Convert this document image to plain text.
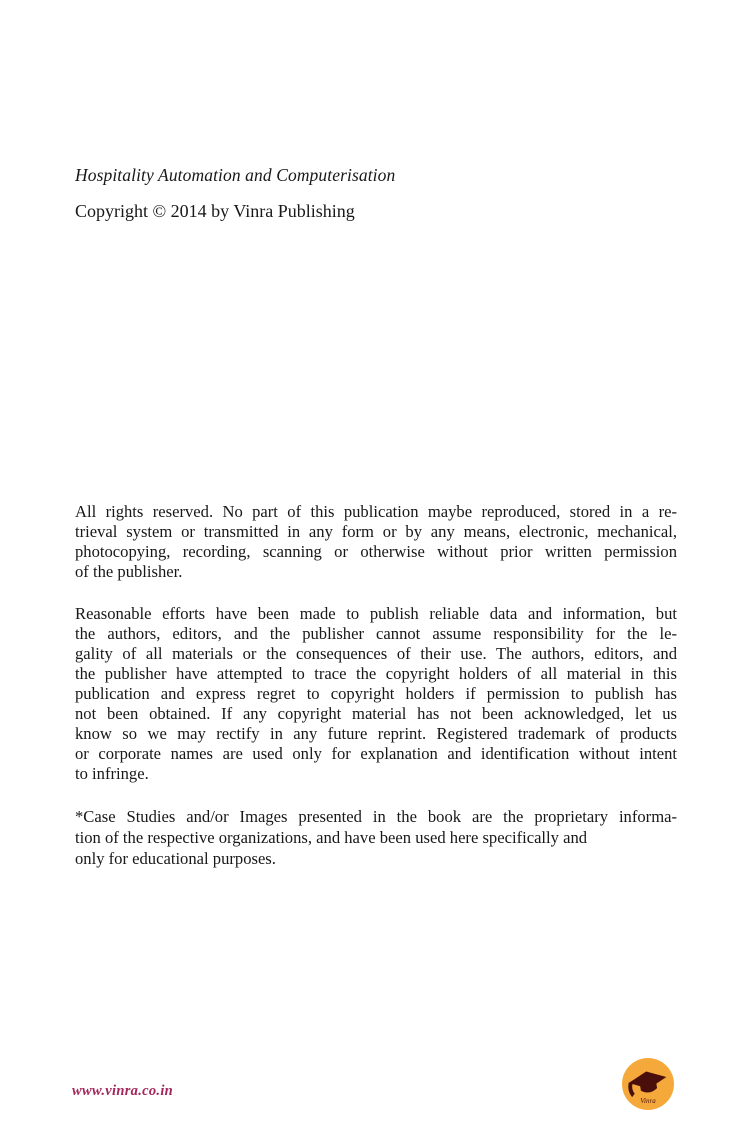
Hospitality Automation and Computerisation
Copyright © 2014 by Vinra Publishing
All rights reserved. No part of this publication maybe reproduced, stored in a re-
trieval system or transmitted in any form or by any means, electronic, mechanical,
photocopying, recording, scanning or otherwise without prior written permission
of the publisher.
Reasonable efforts have been made to publish reliable data and information, but
the authors, editors, and the publisher cannot assume responsibility for the le-
gality of all materials or the consequences of their use. The authors, editors, and
the publisher have attempted to trace the copyright holders of all material in this
publication and express regret to copyright holders if permission to publish has
not been obtained. If any copyright material has not been acknowledged, let us
know so we may rectify in any future reprint. Registered trademark of products
or corporate names are used only for explanation and identification without intent
to infringe.
*Case Studies and/or Images presented in the book are the proprietary informa-
tion of the respective organizations, and have been used here specifically and
only for educational purposes.
www.vinra.co.in
Vinra
